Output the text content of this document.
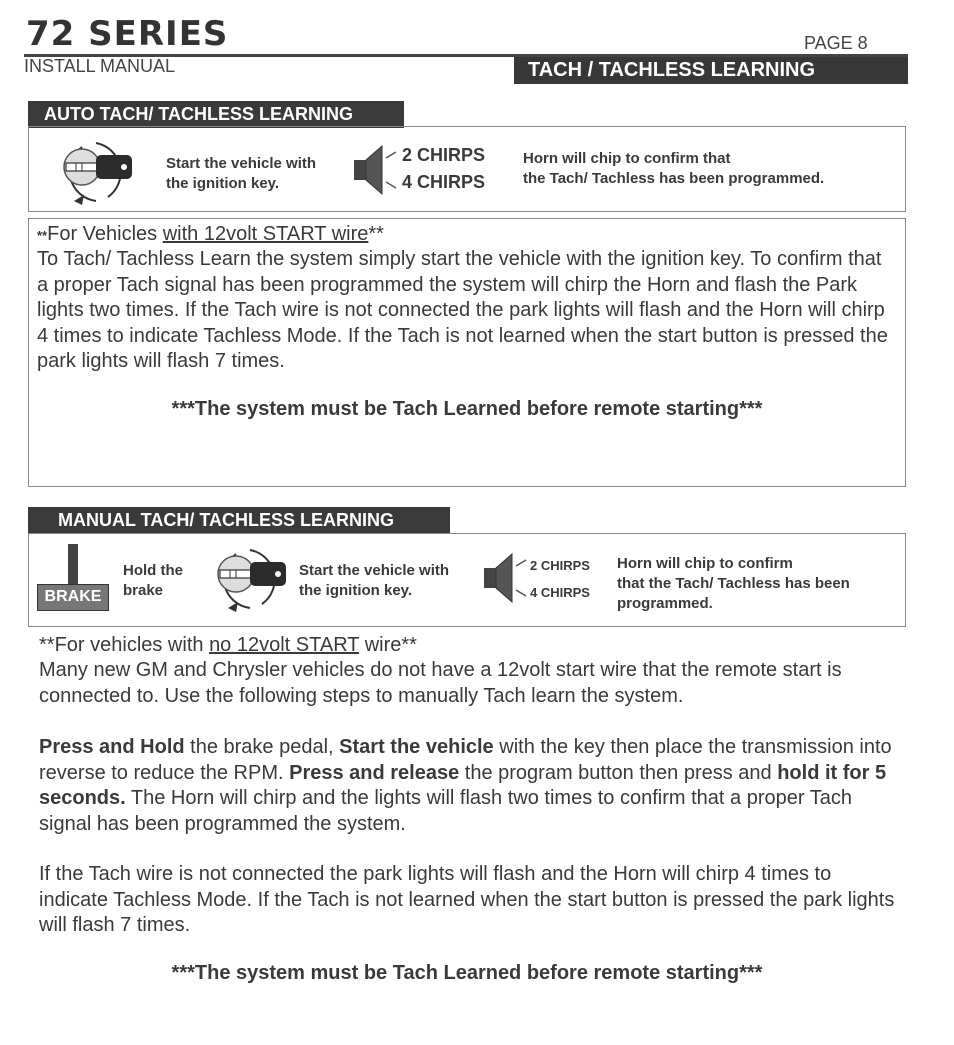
72 SERIES	PAGE 8
INSTALL MANUAL	TACH / TACHLESS LEARNING
AUTO TACH/ TACHLESS LEARNING
Start the vehicle with
the ignition key.
2 CHIRPS
4 CHIRPS
Horn will chip to confirm that
the Tach/ Tachless has been programmed.
**For Vehicles with 12volt START wire**
To Tach/ Tachless Learn the system simply start the vehicle with the ignition key. To confirm that a proper Tach signal has been programmed the system will chirp the Horn and flash the Park lights two times. If the Tach wire is not connected the park lights will flash and the Horn will chirp 4 times to indicate Tachless Mode. If the Tach is not learned when the start button is pressed the park lights will flash 7 times.
***The system must be Tach Learned before remote starting***
MANUAL TACH/ TACHLESS LEARNING
BRAKE
Hold the
brake
Start the vehicle with
the ignition key.
2 CHIRPS
4 CHIRPS
Horn will chip to confirm
that the Tach/ Tachless has been
programmed.
**For vehicles with no 12volt START wire**
Many new GM and Chrysler vehicles do not have a 12volt start wire that the remote start is connected to. Use the following steps to manually Tach learn the system.
Press and Hold the brake pedal, Start the vehicle with the key then place the transmission into reverse to reduce the RPM. Press and release the program button then press and hold it for 5 seconds. The Horn will chirp and the lights will flash two times to confirm that a proper Tach signal has been programmed the system.
If the Tach wire is not connected the park lights will flash and the Horn will chirp 4 times to indicate Tachless Mode. If the Tach is not learned when the start button is pressed the park lights will flash 7 times.
***The system must be Tach Learned before remote starting***
